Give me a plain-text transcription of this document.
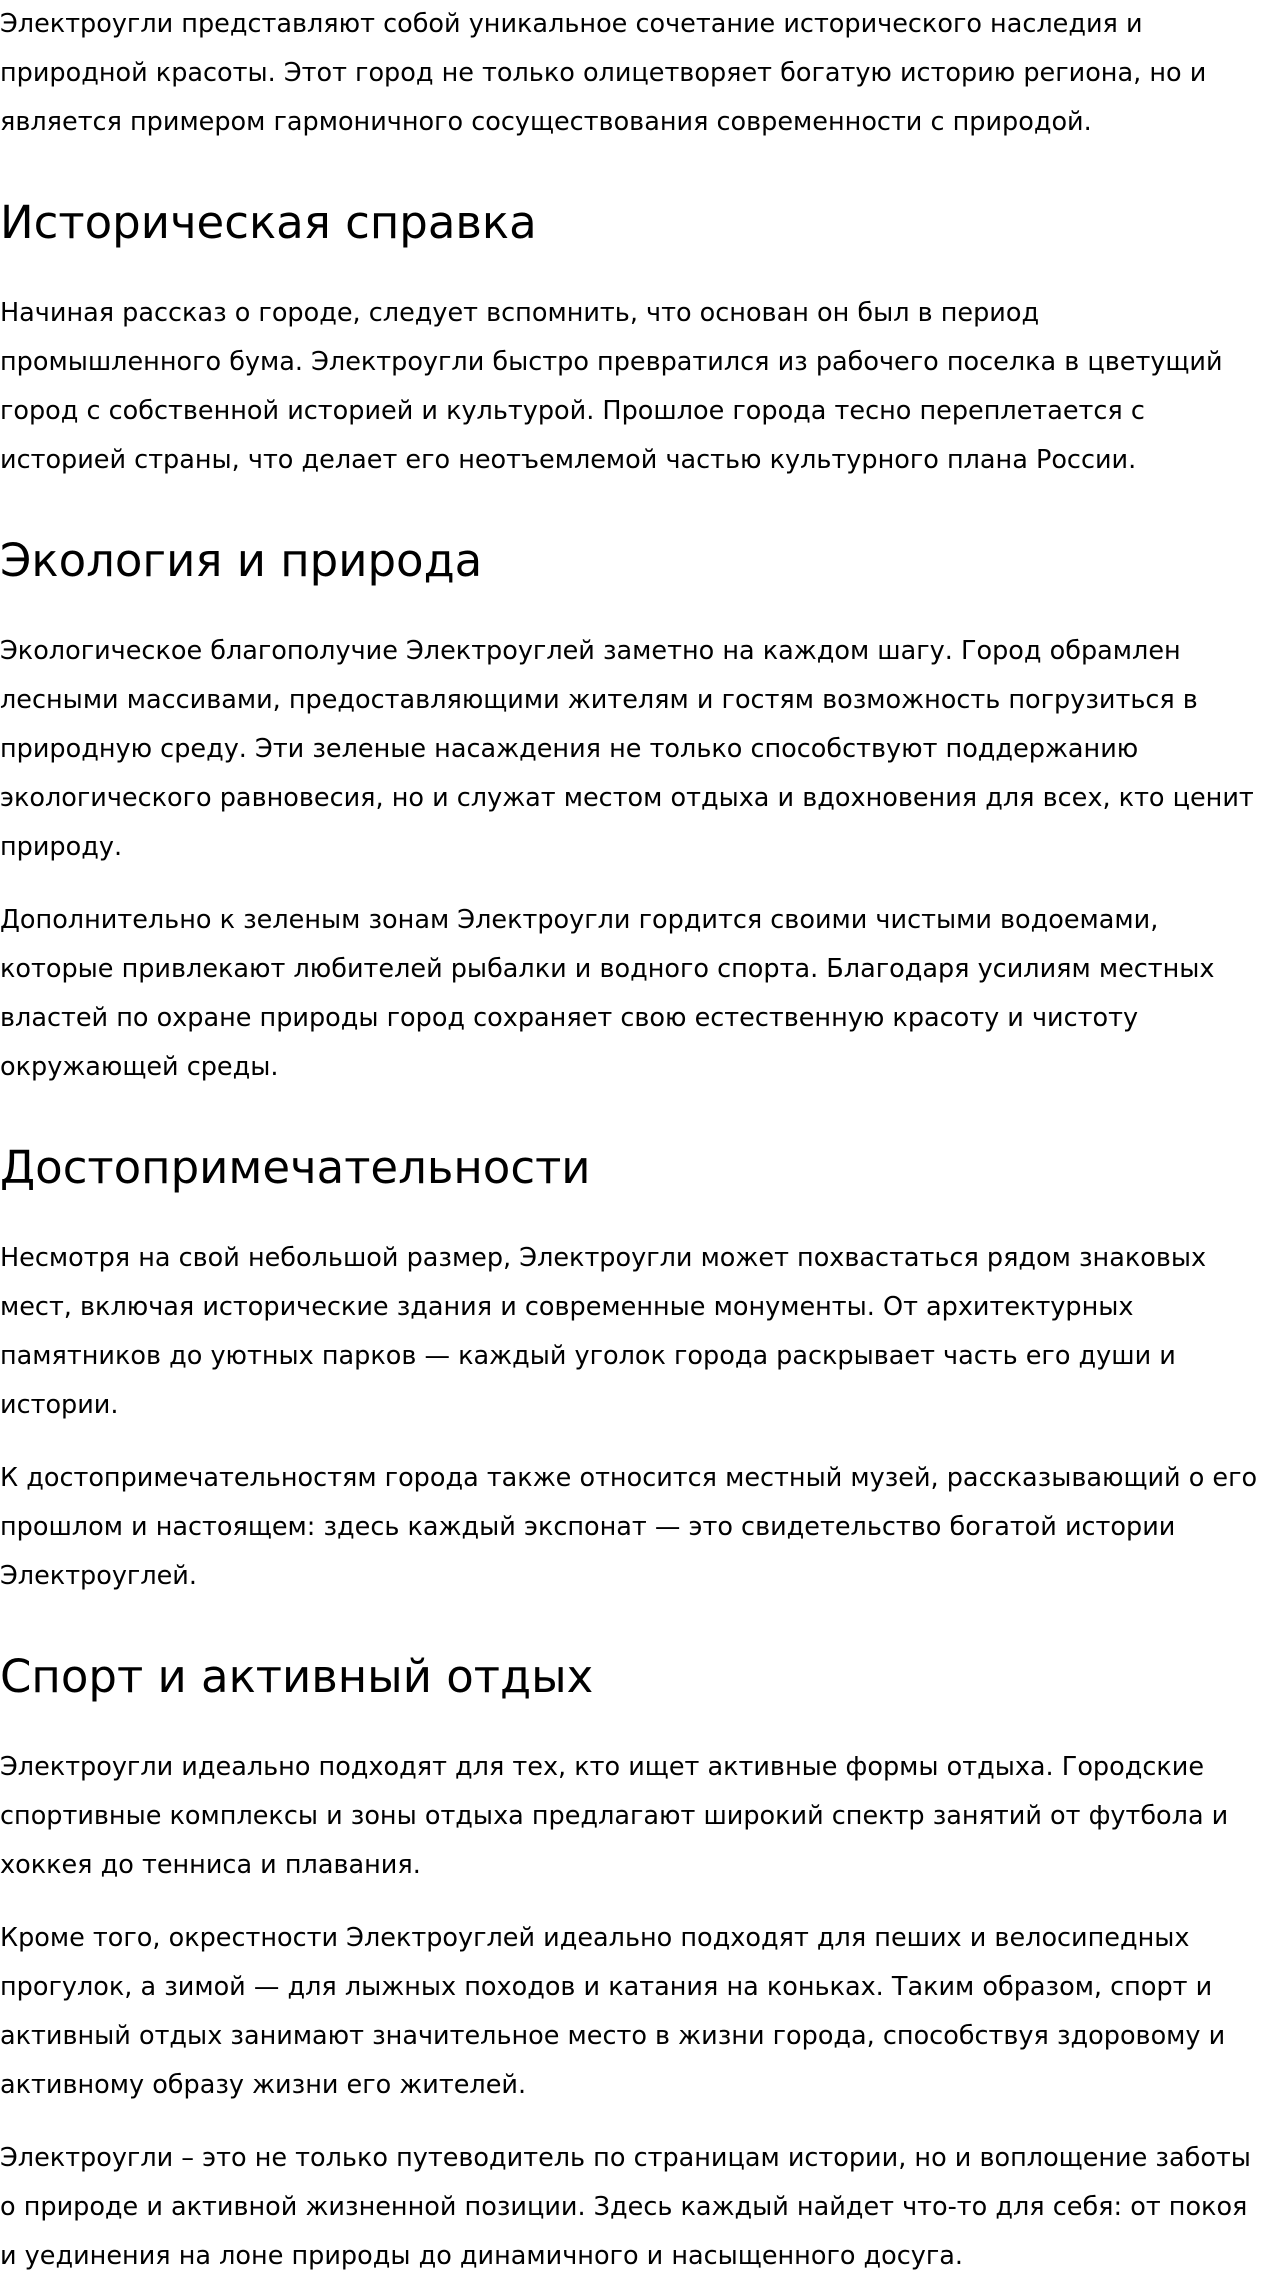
Электроугли представляют собой уникальное сочетание исторического наследия и природной красоты. Этот город не только олицетворяет богатую историю региона, но и является примером гармоничного сосуществования современности с природой.

Историческая справка

Начиная рассказ о городе, следует вспомнить, что основан он был в период промышленного бума. Электроугли быстро превратился из рабочего поселка в цветущий город с собственной историей и культурой. Прошлое города тесно переплетается с историей страны, что делает его неотъемлемой частью культурного плана России.

Экология и природа

Экологическое благополучие Электроуглей заметно на каждом шагу. Город обрамлен лесными массивами, предоставляющими жителям и гостям возможность погрузиться в природную среду. Эти зеленые насаждения не только способствуют поддержанию экологического равновесия, но и служат местом отдыха и вдохновения для всех, кто ценит природу.

Дополнительно к зеленым зонам Электроугли гордится своими чистыми водоемами, которые привлекают любителей рыбалки и водного спорта. Благодаря усилиям местных властей по охране природы город сохраняет свою естественную красоту и чистоту окружающей среды.

Достопримечательности

Несмотря на свой небольшой размер, Электроугли может похвастаться рядом знаковых мест, включая исторические здания и современные монументы. От архитектурных памятников до уютных парков — каждый уголок города раскрывает часть его души и истории.

К достопримечательностям города также относится местный музей, рассказывающий о его прошлом и настоящем: здесь каждый экспонат — это свидетельство богатой истории Электроуглей.

Спорт и активный отдых

Электроугли идеально подходят для тех, кто ищет активные формы отдыха. Городские спортивные комплексы и зоны отдыха предлагают широкий спектр занятий от футбола и хоккея до тенниса и плавания.

Кроме того, окрестности Электроуглей идеально подходят для пеших и велосипедных прогулок, а зимой — для лыжных походов и катания на коньках. Таким образом, спорт и активный отдых занимают значительное место в жизни города, способствуя здоровому и активному образу жизни его жителей.

Электроугли – это не только путеводитель по страницам истории, но и воплощение заботы о природе и активной жизненной позиции. Здесь каждый найдет что-то для себя: от покоя и уединения на лоне природы до динамичного и насыщенного досуга.
